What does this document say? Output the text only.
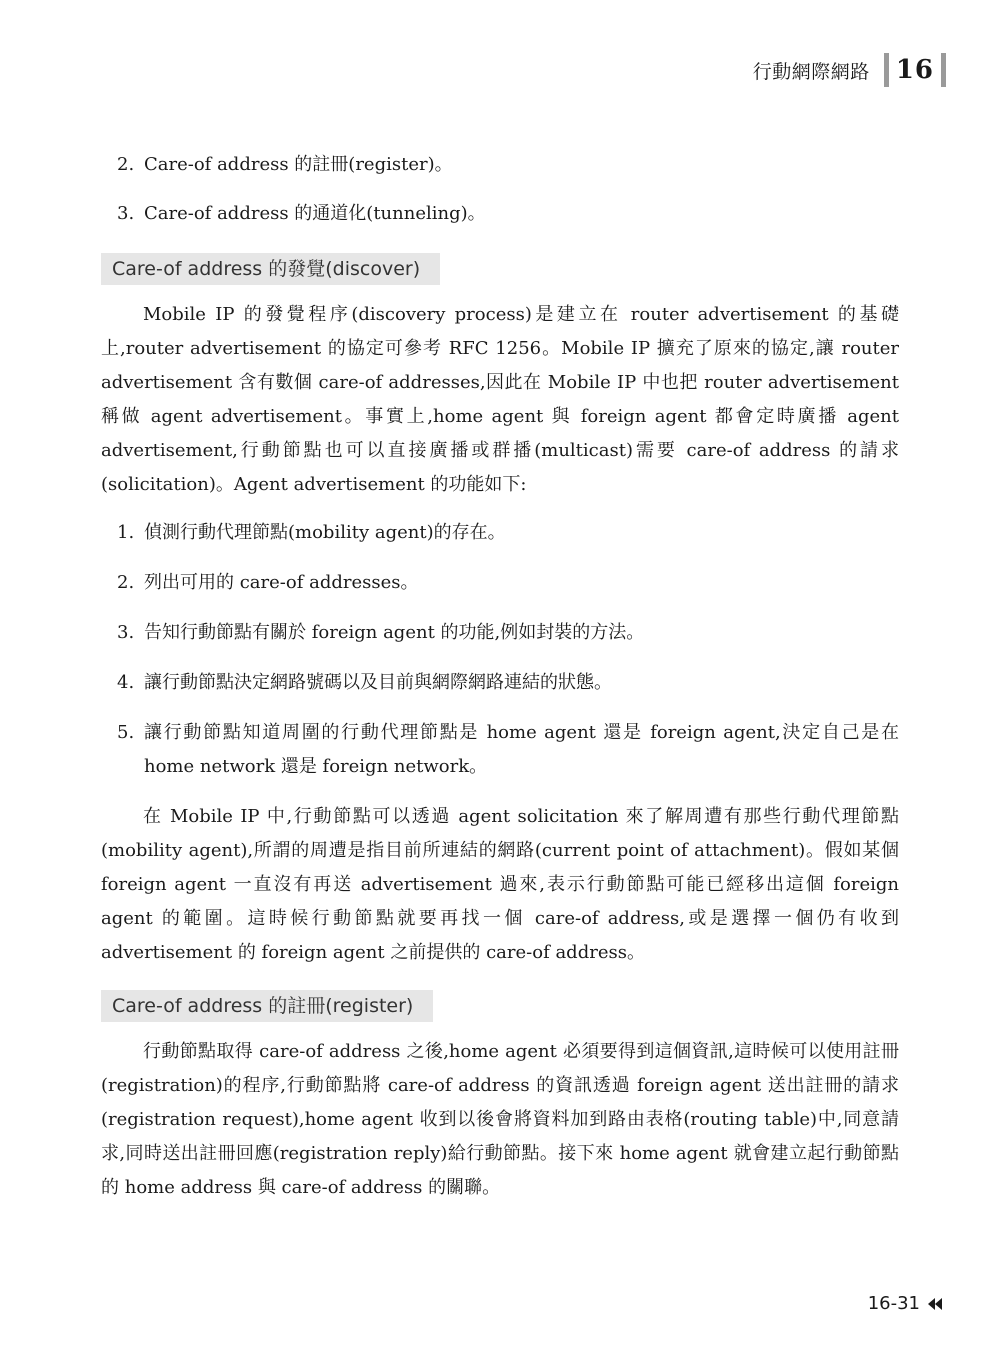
行動網際網路 16
2. Care-of address 的註冊(register)。
3. Care-of address 的通道化(tunneling)。
Care-of address 的發覺(discover)

Mobile IP 的發覺程序(discovery process)是建立在 router advertisement 的基礎上,router advertisement 的協定可參考 RFC 1256。Mobile IP 擴充了原來的協定,讓 router advertisement 含有數個 care-of addresses,因此在 Mobile IP 中也把 router advertisement 稱做 agent advertisement。事實上,home agent 與 foreign agent 都會定時廣播 agent advertisement,行動節點也可以直接廣播或群播(multicast)需要 care-of address 的請求(solicitation)。Agent advertisement 的功能如下:

1. 偵測行動代理節點(mobility agent)的存在。
2. 列出可用的 care-of addresses。
3. 告知行動節點有關於 foreign agent 的功能,例如封裝的方法。
4. 讓行動節點決定網路號碼以及目前與網際網路連結的狀態。
5. 讓行動節點知道周圍的行動代理節點是 home agent 還是 foreign agent,決定自己是在 home network 還是 foreign network。

在 Mobile IP 中,行動節點可以透過 agent solicitation 來了解周遭有那些行動代理節點(mobility agent),所謂的周遭是指目前所連結的網路(current point of attachment)。假如某個 foreign agent 一直沒有再送 advertisement 過來,表示行動節點可能已經移出這個 foreign agent 的範圍。這時候行動節點就要再找一個 care-of address,或是選擇一個仍有收到 advertisement 的 foreign agent 之前提供的 care-of address。

Care-of address 的註冊(register)

行動節點取得 care-of address 之後,home agent 必須要得到這個資訊,這時候可以使用註冊(registration)的程序,行動節點將 care-of address 的資訊透過 foreign agent 送出註冊的請求(registration request),home agent 收到以後會將資料加到路由表格(routing table)中,同意請求,同時送出註冊回應(registration reply)給行動節點。接下來 home agent 就會建立起行動節點的 home address 與 care-of address 的關聯。

16-31
